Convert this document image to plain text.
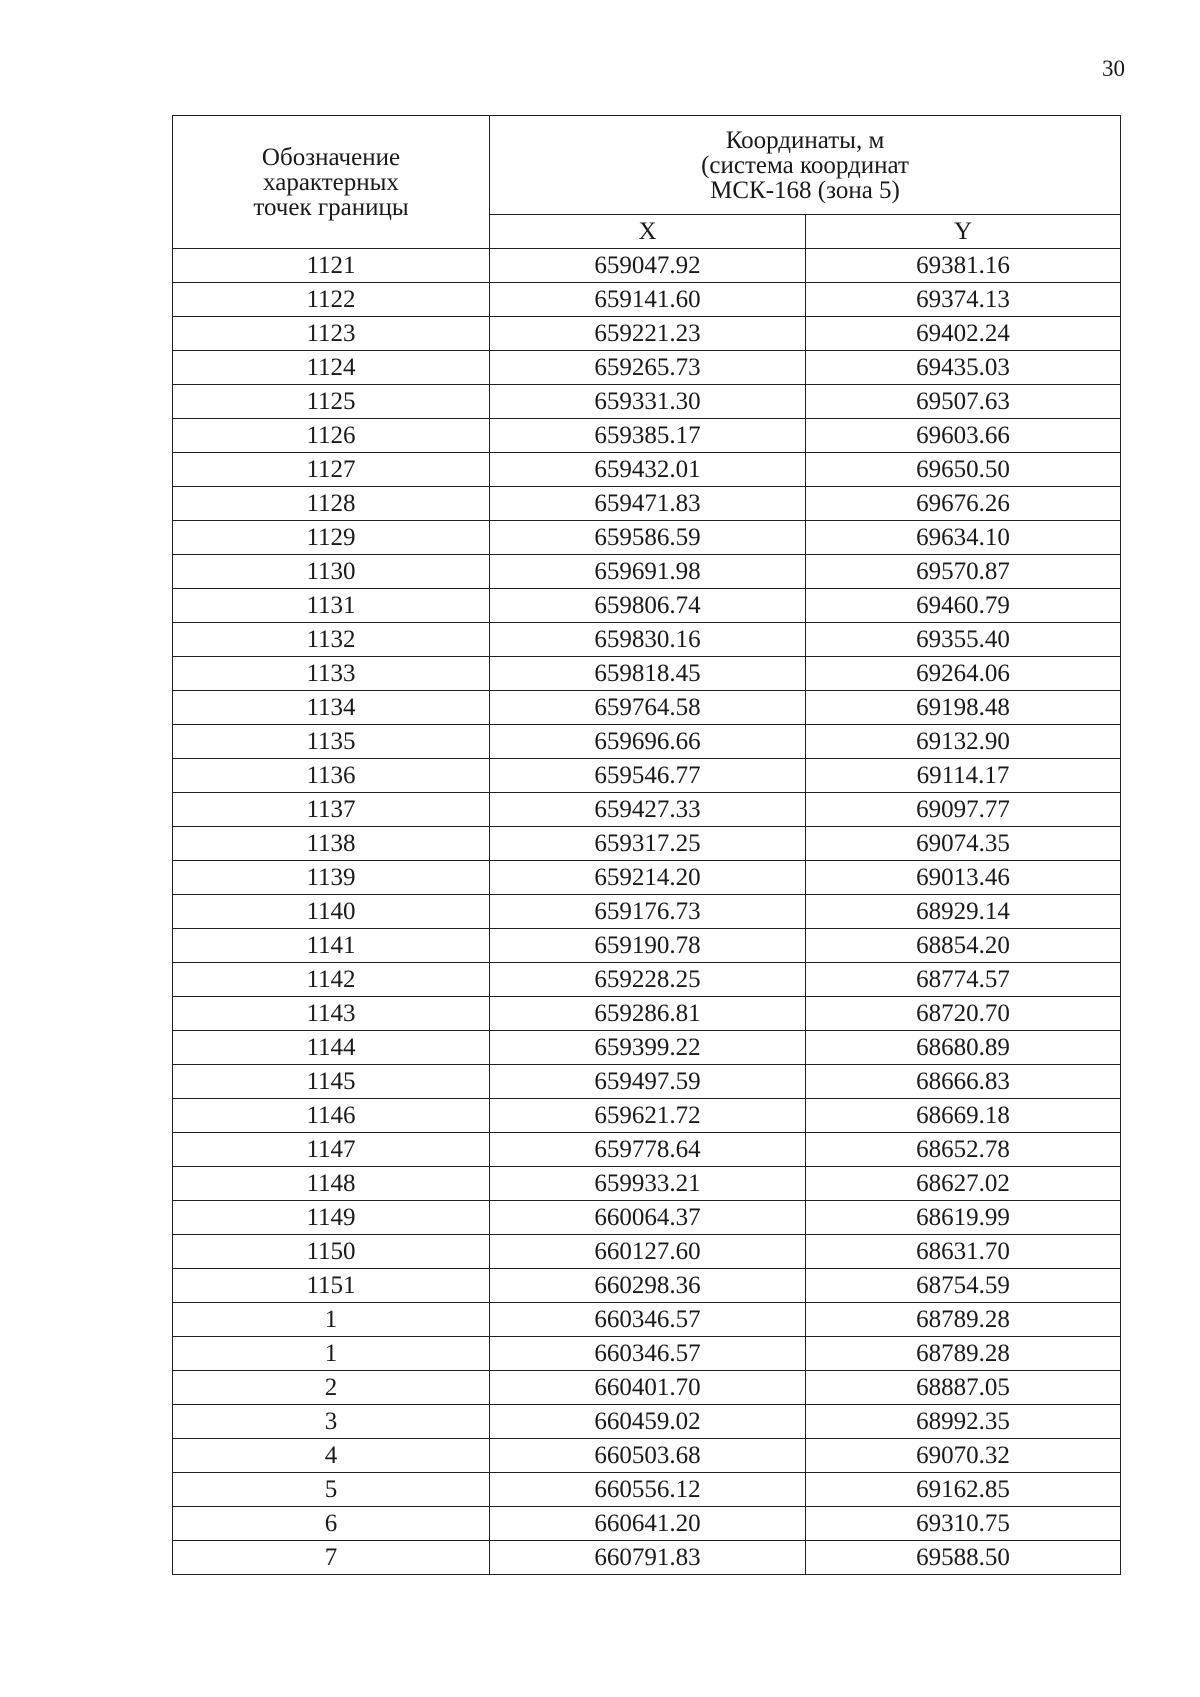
30
Обозначение
характерных
точек границы	Координаты, м
(система координат
МСК-168 (зона 5)	

	X	Y
1121	659047.92	69381.16
1122	659141.60	69374.13
1123	659221.23	69402.24
1124	659265.73	69435.03
1125	659331.30	69507.63
1126	659385.17	69603.66
1127	659432.01	69650.50
1128	659471.83	69676.26
1129	659586.59	69634.10
1130	659691.98	69570.87
1131	659806.74	69460.79
1132	659830.16	69355.40
1133	659818.45	69264.06
1134	659764.58	69198.48
1135	659696.66	69132.90
1136	659546.77	69114.17
1137	659427.33	69097.77
1138	659317.25	69074.35
1139	659214.20	69013.46
1140	659176.73	68929.14
1141	659190.78	68854.20
1142	659228.25	68774.57
1143	659286.81	68720.70
1144	659399.22	68680.89
1145	659497.59	68666.83
1146	659621.72	68669.18
1147	659778.64	68652.78
1148	659933.21	68627.02
1149	660064.37	68619.99
1150	660127.60	68631.70
1151	660298.36	68754.59
1	660346.57	68789.28
1	660346.57	68789.28
2	660401.70	68887.05
3	660459.02	68992.35
4	660503.68	69070.32
5	660556.12	69162.85
6	660641.20	69310.75
7	660791.83	69588.50
